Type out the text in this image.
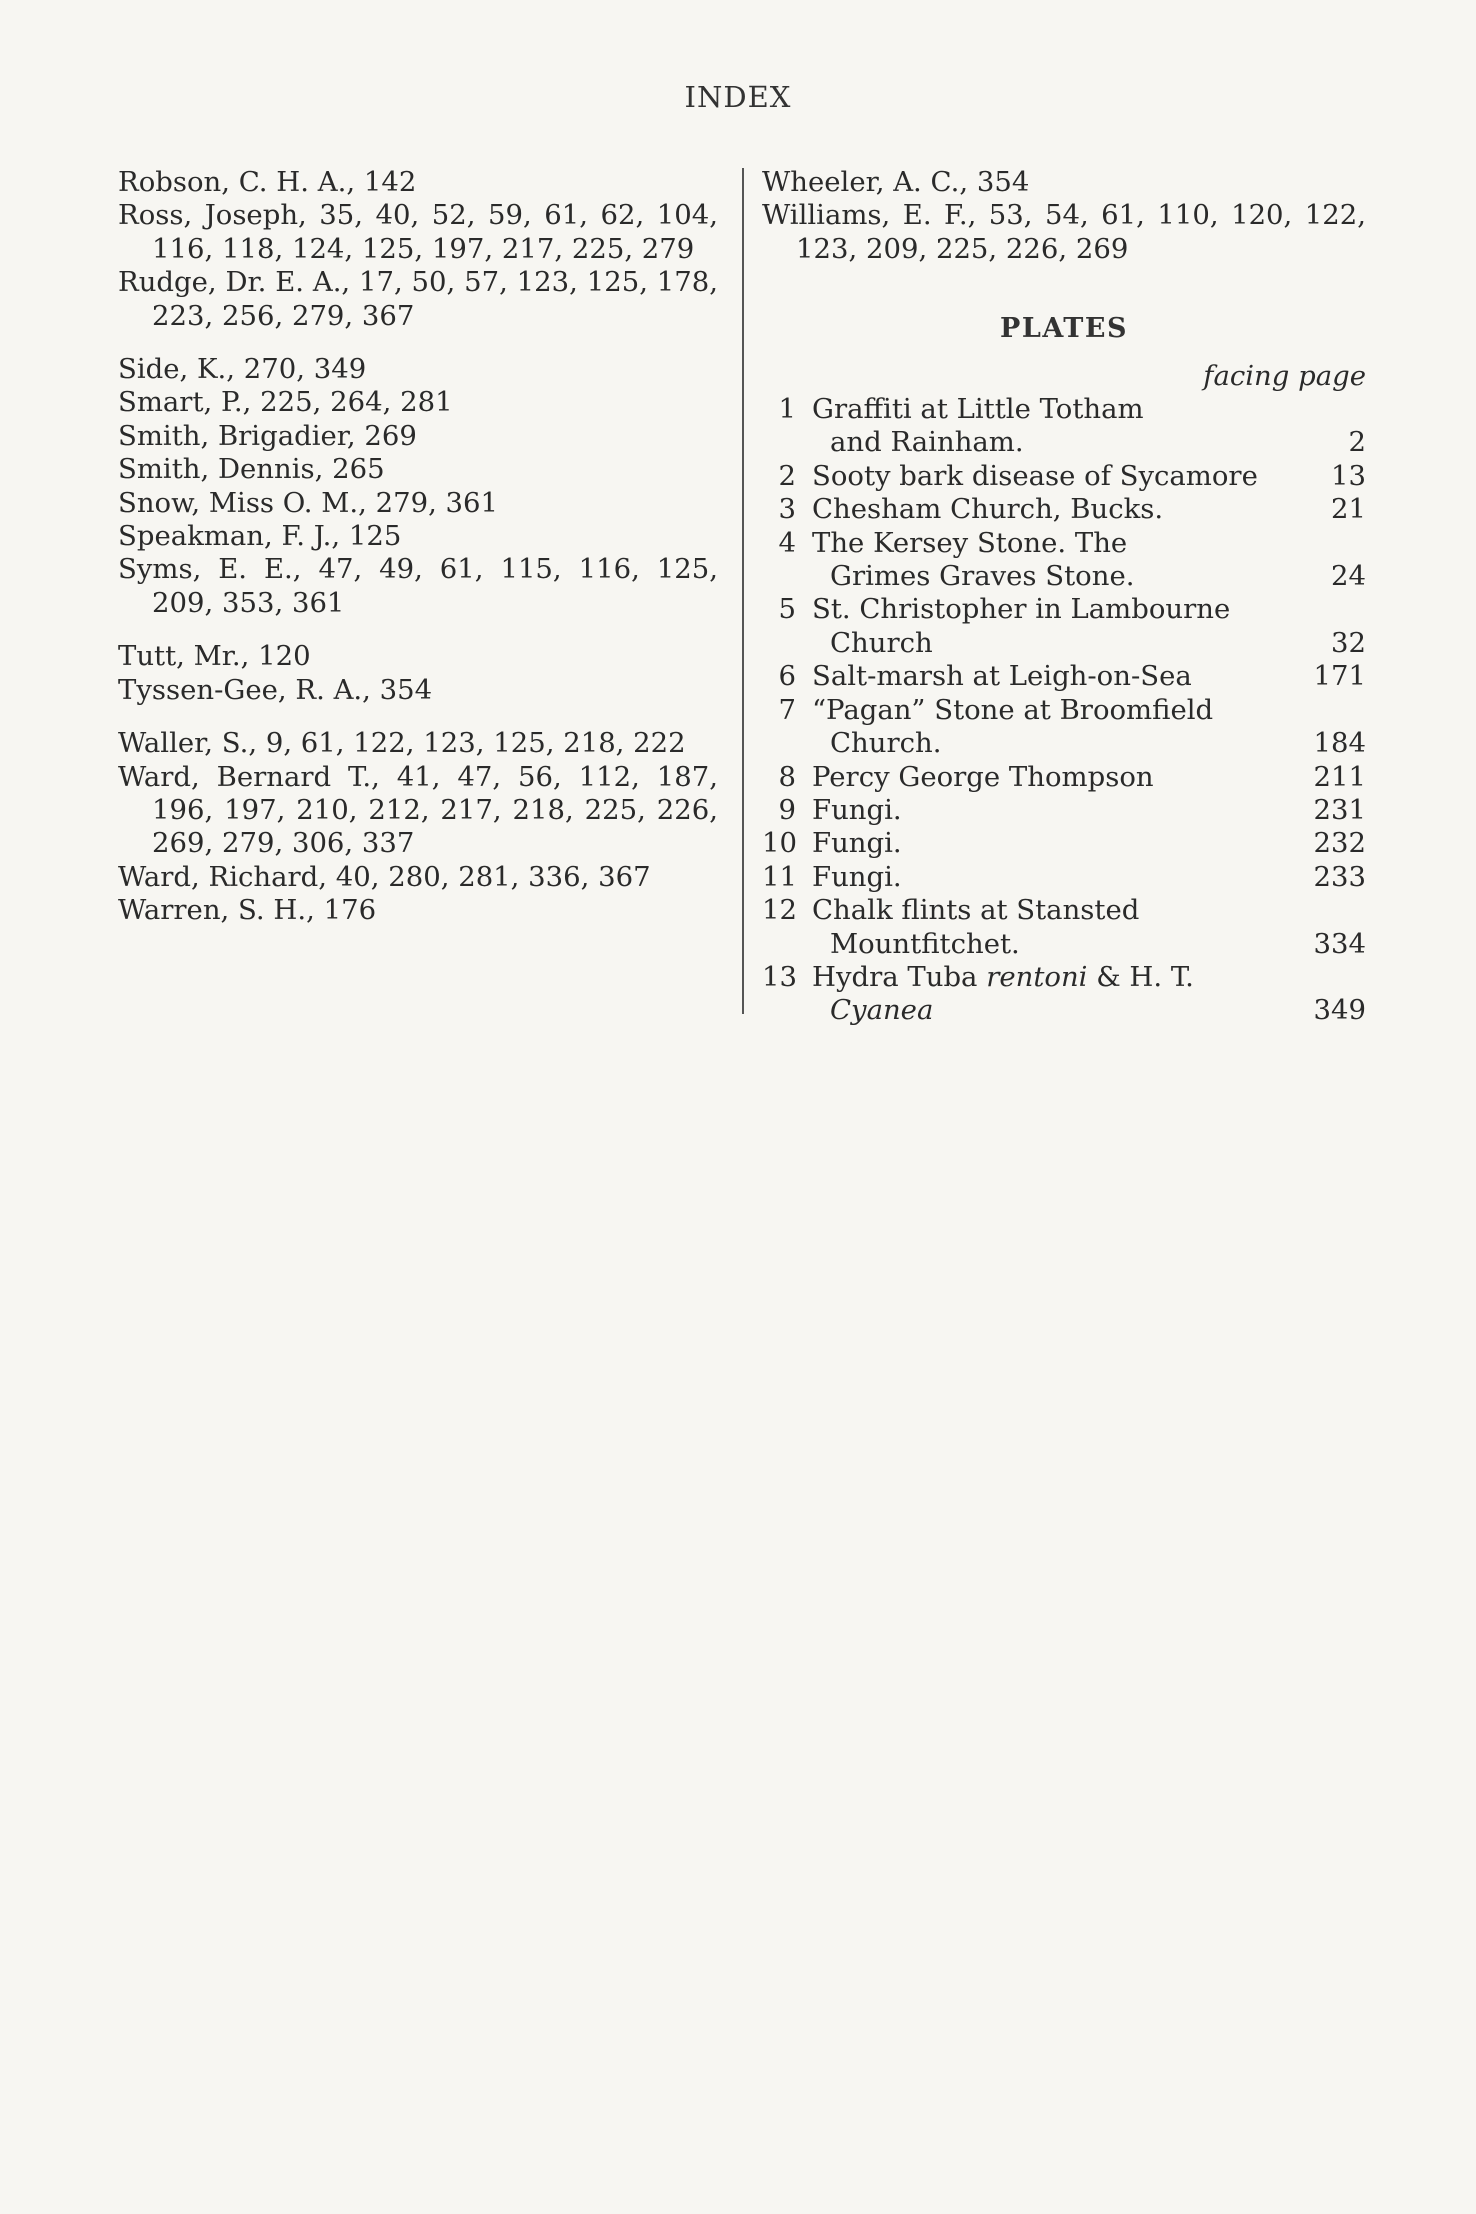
INDEX

Robson, C. H. A., 142

Ross, Joseph, 35, 40, 52, 59, 61, 62, 104, 116, 118, 124, 125, 197, 217, 225, 279

Rudge, Dr. E. A., 17, 50, 57, 123, 125, 178, 223, 256, 279, 367

Side, K., 270, 349

Smart, P., 225, 264, 281

Smith, Brigadier, 269

Smith, Dennis, 265

Snow, Miss O. M., 279, 361

Speakman, F. J., 125

Syms, E. E., 47, 49, 61, 115, 116, 125, 209, 353, 361

Tutt, Mr., 120

Tyssen-Gee, R. A., 354

Waller, S., 9, 61, 122, 123, 125, 218, 222

Ward, Bernard T., 41, 47, 56, 112, 187, 196, 197, 210, 212, 217, 218, 225, 226, 269, 279, 306, 337

Ward, Richard, 40, 280, 281, 336, 367

Warren, S. H., 176

Wheeler, A. C., 354

Williams, E. F., 53, 54, 61, 110, 120, 122, 123, 209, 225, 226, 269

PLATES

facing page

1 Graffiti at Little Totham
and Rainham.	2
2 Sooty bark disease of Sycamore	13
3 Chesham Church, Bucks.	21
4 The Kersey Stone. The
Grimes Graves Stone.	24
5 St. Christopher in Lambourne
Church	32
6 Salt-marsh at Leigh-on-Sea	171
7 “Pagan” Stone at Broomfield
Church.	184
8 Percy George Thompson	211
9 Fungi.	231
10 Fungi.	232
11 Fungi.	233
12 Chalk flints at Stansted
Mountfitchet.	334
13 Hydra Tuba rentoni & H. T.
Cyanea	349
